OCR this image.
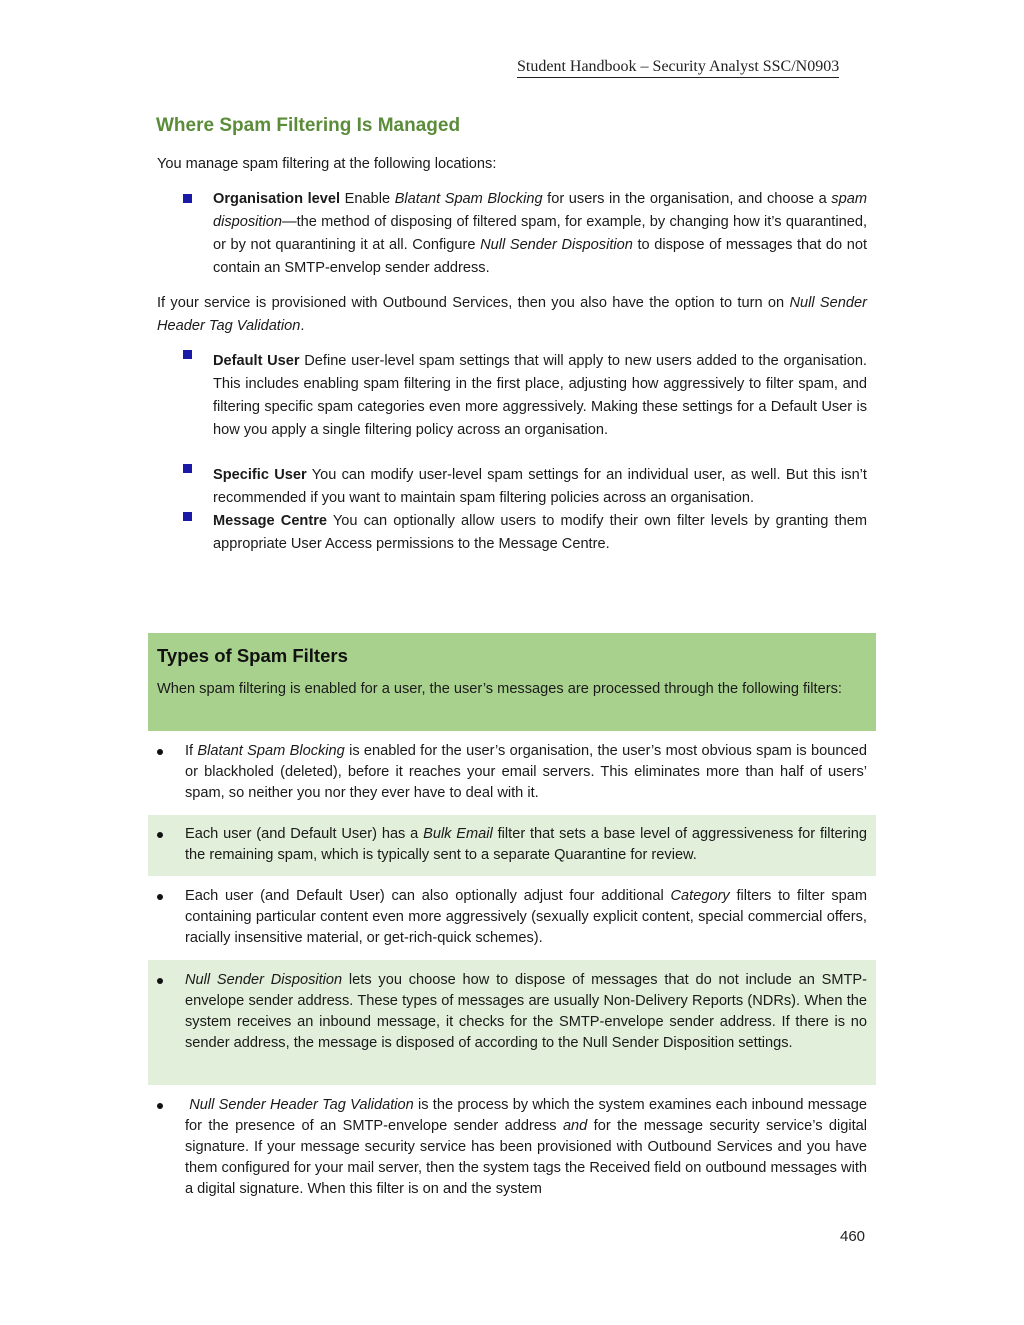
Student Handbook – Security Analyst SSC/N0903
Where Spam Filtering Is Managed

You manage spam filtering at the following locations:

Organisation level Enable Blatant Spam Blocking for users in the organisation, and choose a spam disposition—the method of disposing of filtered spam, for example, by changing how it’s quarantined, or by not quarantining it at all. Configure Null Sender Disposition to dispose of messages that do not contain an SMTP-envelop sender address.

If your service is provisioned with Outbound Services, then you also have the option to turn on Null Sender Header Tag Validation.

Default User Define user-level spam settings that will apply to new users added to the organisation. This includes enabling spam filtering in the first place, adjusting how aggressively to filter spam, and filtering specific spam categories even more aggressively. Making these settings for a Default User is how you apply a single filtering policy across an organisation.

Specific User You can modify user-level spam settings for an individual user, as well. But this isn’t recommended if you want to maintain spam filtering policies across an organisation.

Message Centre You can optionally allow users to modify their own filter levels by granting them appropriate User Access permissions to the Message Centre.

Types of Spam Filters

When spam filtering is enabled for a user, the user’s messages are processed through the following filters:

If Blatant Spam Blocking is enabled for the user’s organisation, the user’s most obvious spam is bounced or blackholed (deleted), before it reaches your email servers. This eliminates more than half of users’ spam, so neither you nor they ever have to deal with it.

Each user (and Default User) has a Bulk Email filter that sets a base level of aggressiveness for filtering the remaining spam, which is typically sent to a separate Quarantine for review.

Each user (and Default User) can also optionally adjust four additional Category filters to filter spam containing particular content even more aggressively (sexually explicit content, special commercial offers, racially insensitive material, or get-rich-quick schemes).

Null Sender Disposition lets you choose how to dispose of messages that do not include an SMTP-envelope sender address. These types of messages are usually Non-Delivery Reports (NDRs). When the system receives an inbound message, it checks for the SMTP-envelope sender address. If there is no sender address, the message is disposed of according to the Null Sender Disposition settings.

Null Sender Header Tag Validation is the process by which the system examines each inbound message for the presence of an SMTP-envelope sender address and for the message security service’s digital signature. If your message security service has been provisioned with Outbound Services and you have them configured for your mail server, then the system tags the Received field on outbound messages with a digital signature. When this filter is on and the system

460
